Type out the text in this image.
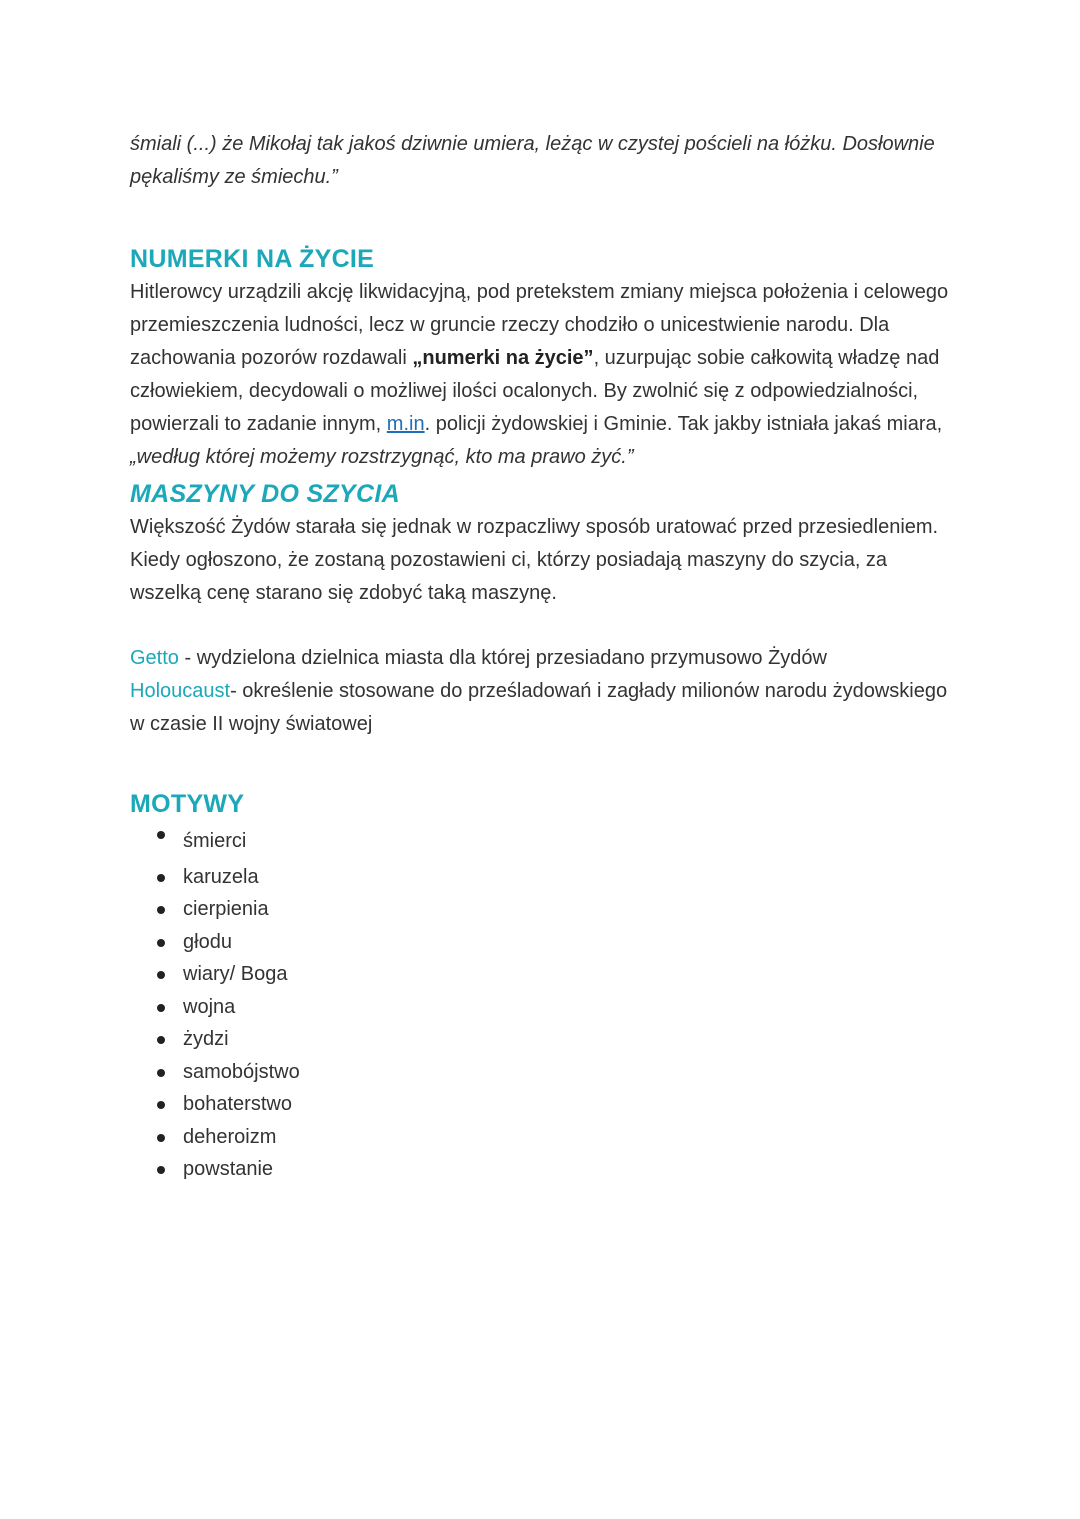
śmiali (...) że Mikołaj tak jakoś dziwnie umiera, leżąc w czystej pościeli na łóżku. Dosłownie
pękaliśmy ze śmiechu.”

NUMERKI NA ŻYCIE

Hitlerowcy urządzili akcję likwidacyjną, pod pretekstem zmiany miejsca położenia i celowego przemieszczenia ludności, lecz w gruncie rzeczy chodziło o unicestwienie narodu. Dla zachowania pozorów rozdawali „numerki na życie”, uzurpując sobie całkowitą władzę nad człowiekiem, decydowali o możliwej ilości ocalonych. By zwolnić się z odpowiedzialności, powierzali to zadanie innym, m.in. policji żydowskiej i Gminie. Tak jakby istniała jakaś miara, „według której możemy rozstrzygnąć, kto ma prawo żyć.”

MASZYNY DO SZYCIA

Większość Żydów starała się jednak w rozpaczliwy sposób uratować przed przesiedleniem. Kiedy ogłoszono, że zostaną pozostawieni ci, którzy posiadają maszyny do szycia, za wszelką cenę starano się zdobyć taką maszynę.

Getto - wydzielona dzielnica miasta dla której przesiadano przymusowo Żydów

Holoucaust- określenie stosowane do prześladowań i zagłady milionów narodu żydowskiego w czasie II wojny światowej

MOTYWY
śmierci
karuzela
cierpienia
głodu
wiary/ Boga
wojna
żydzi
samobójstwo
bohaterstwo
deheroizm
powstanie
